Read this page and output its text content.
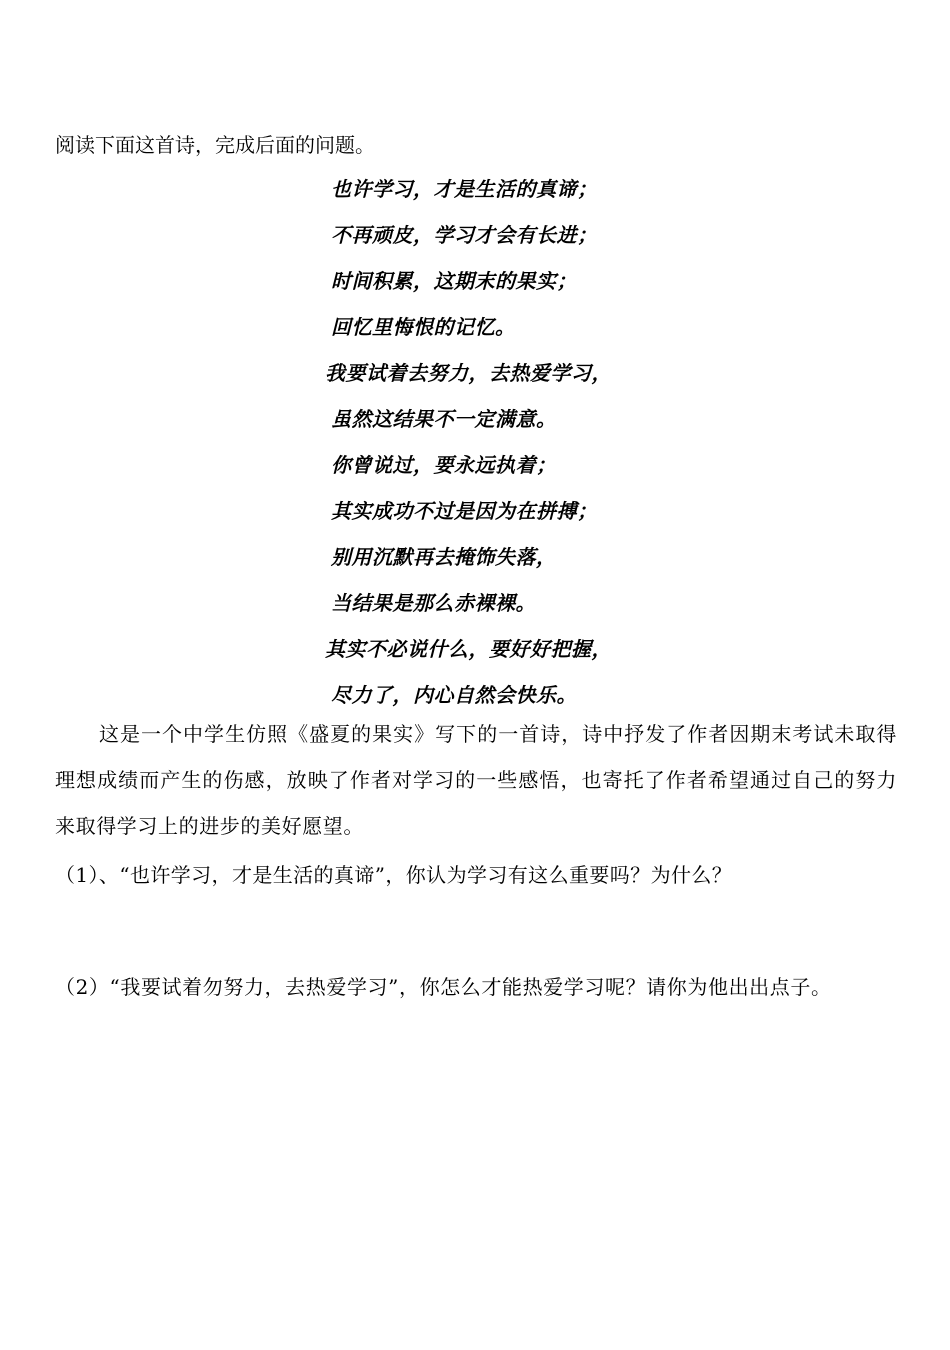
阅读下面这首诗，完成后面的问题。
也许学习，才是生活的真谛；
不再顽皮，学习才会有长进；
时间积累，这期末的果实；
回忆里悔恨的记忆。
我要试着去努力，去热爱学习，
虽然这结果不一定满意。
你曾说过，要永远执着；
其实成功不过是因为在拼搏；
别用沉默再去掩饰失落，
当结果是那么赤裸裸。
其实不必说什么，要好好把握，
尽力了，内心自然会快乐。
这是一个中学生仿照《盛夏的果实》写下的一首诗，诗中抒发了作者因期末考试未取得理想成绩而产生的伤感，放映了作者对学习的一些感悟，也寄托了作者希望通过自己的努力来取得学习上的进步的美好愿望。
（1）、“也许学习，才是生活的真谛”，你认为学习有这么重要吗？为什么？
（2）“我要试着勿努力，去热爱学习”，你怎么才能热爱学习呢？请你为他出出点子。
